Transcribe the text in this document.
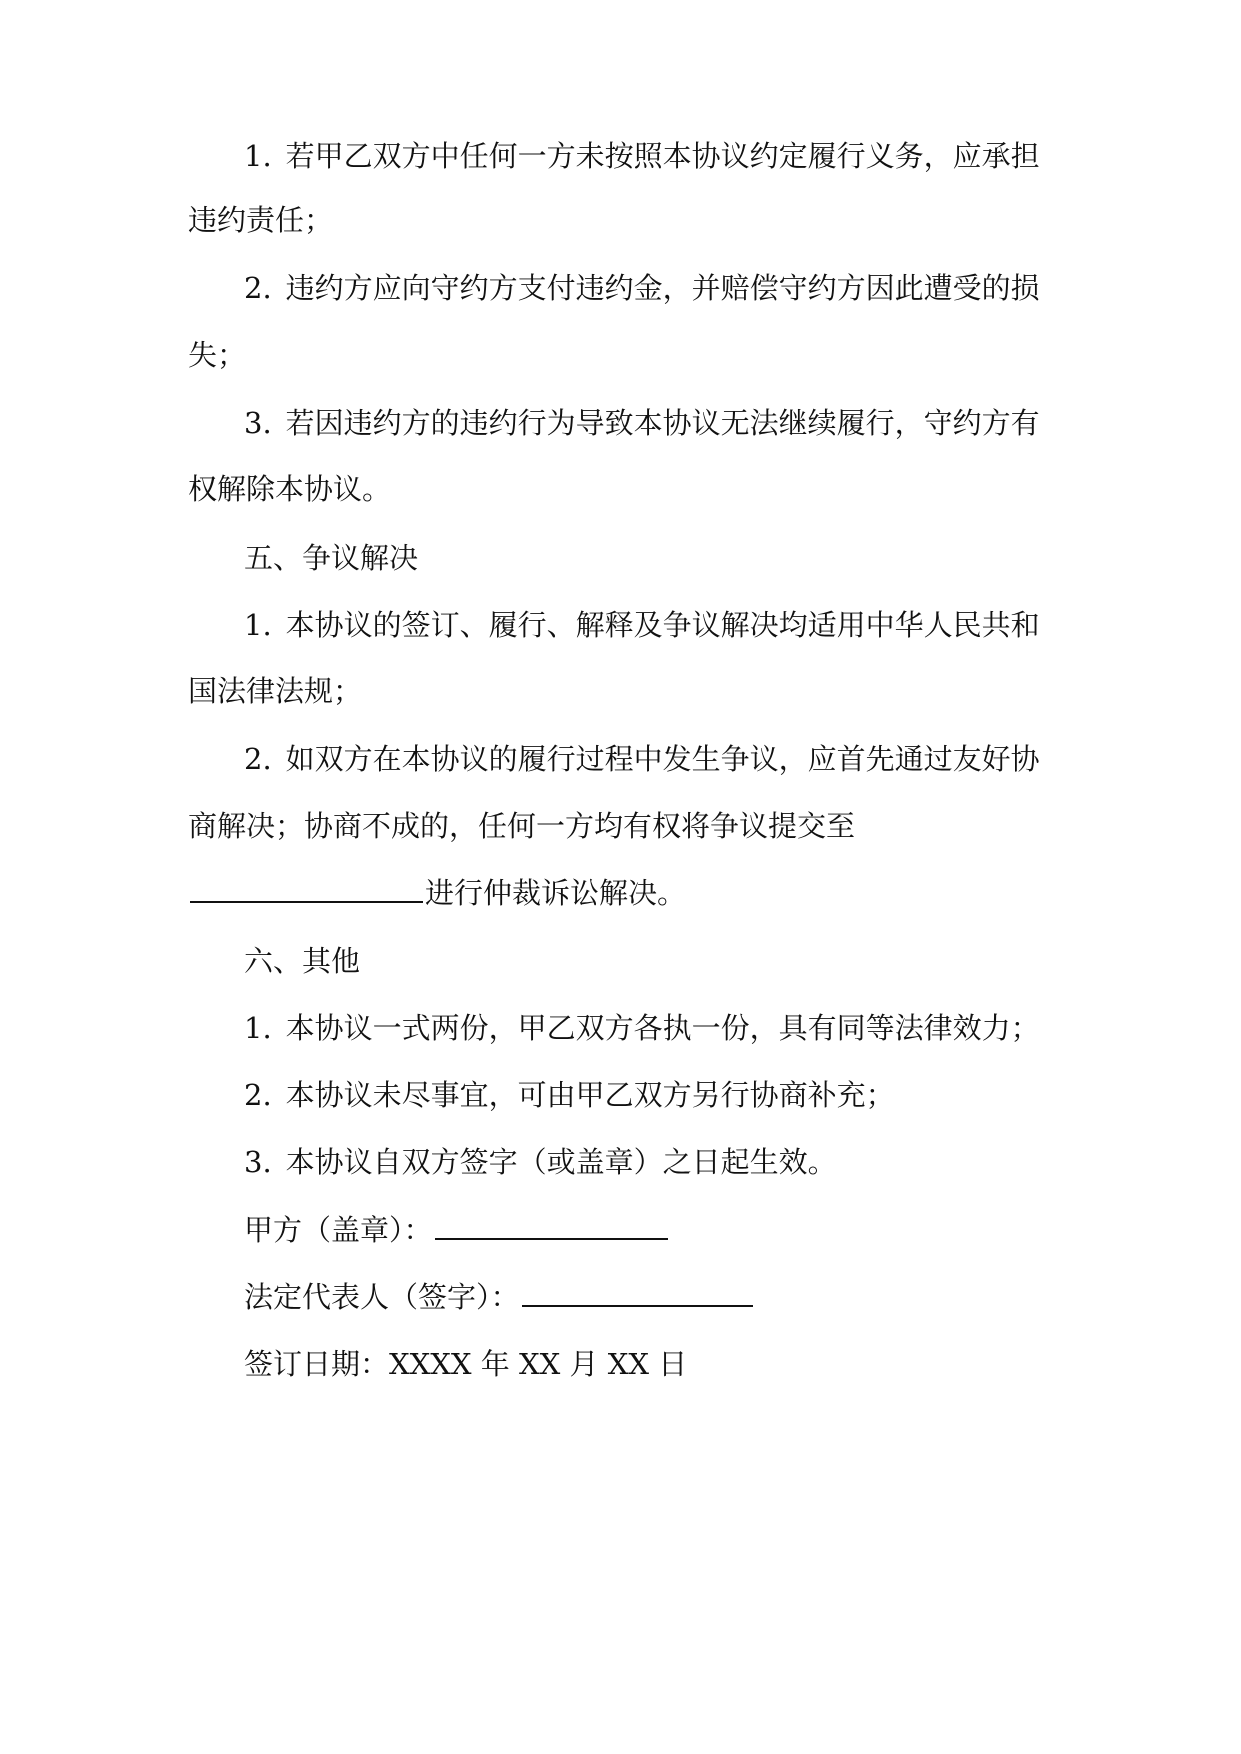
1. 若甲乙双方中任何一方未按照本协议约定履行义务，应承担
违约责任；
2. 违约方应向守约方支付违约金，并赔偿守约方因此遭受的损
失；
3. 若因违约方的违约行为导致本协议无法继续履行，守约方有
权解除本协议。
五、争议解决
1. 本协议的签订、履行、解释及争议解决均适用中华人民共和
国法律法规；
2. 如双方在本协议的履行过程中发生争议，应首先通过友好协
商解决；协商不成的，任何一方均有权将争议提交至
进行仲裁诉讼解决。
六、其他
1. 本协议一式两份，甲乙双方各执一份，具有同等法律效力；
2. 本协议未尽事宜，可由甲乙双方另行协商补充；
3. 本协议自双方签字（或盖章）之日起生效。
甲方（盖章）：
法定代表人（签字）：
签订日期：XXXX 年 XX 月 XX 日
